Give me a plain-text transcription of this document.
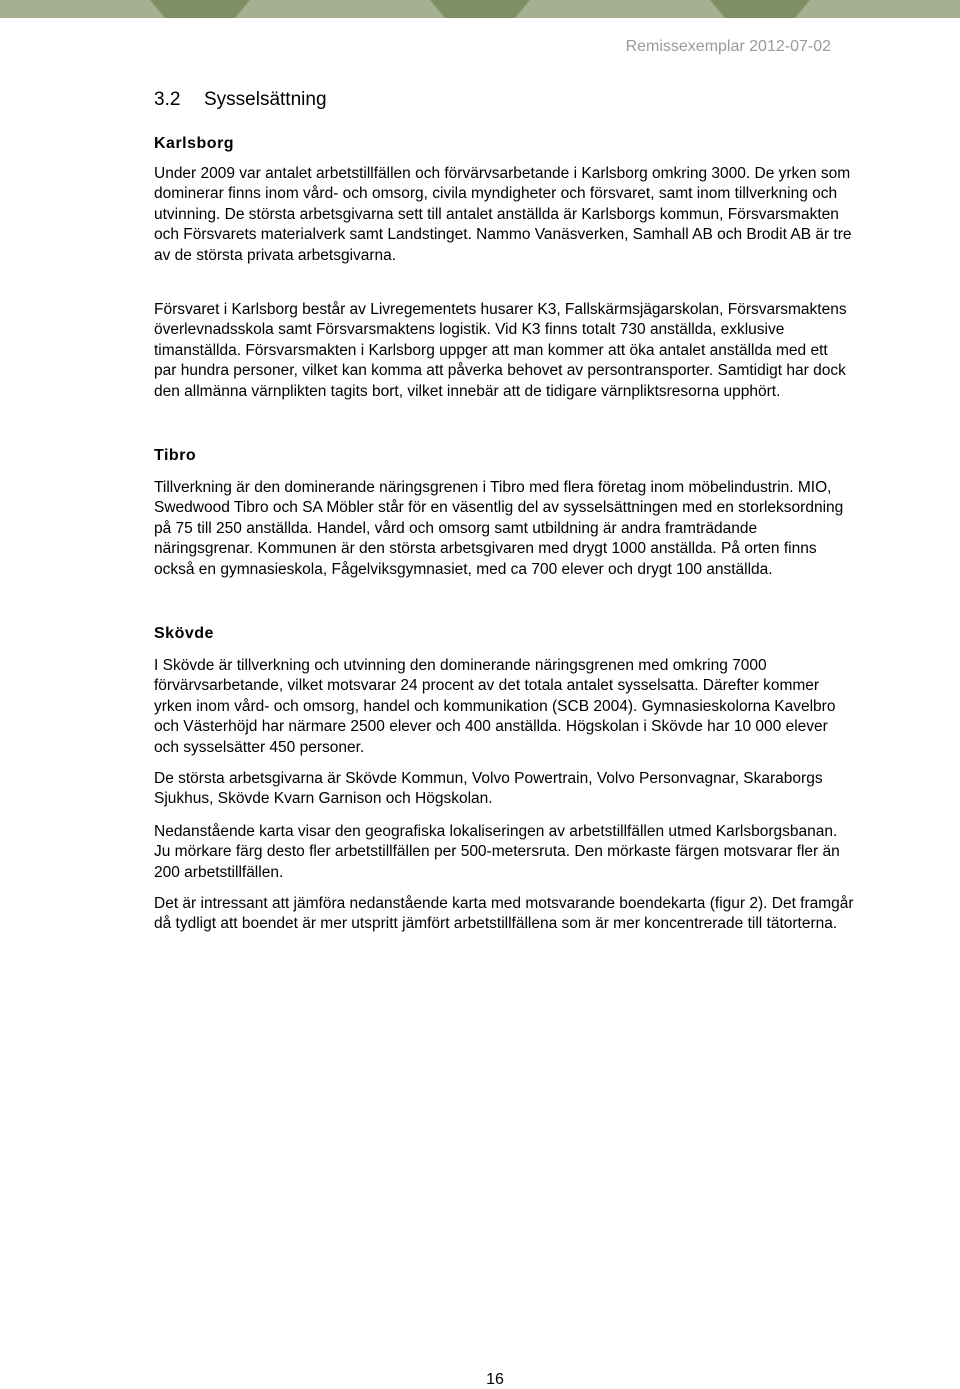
Remissexemplar 2012-07-02
3.2 Sysselsättning
Karlsborg

Under 2009 var antalet arbetstillfällen och förvärvsarbetande i Karlsborg omkring 3000. De yrken som dominerar finns inom vård- och omsorg, civila myndigheter och försvaret, samt inom tillverkning och utvinning. De största arbetsgivarna sett till antalet anställda är Karlsborgs kommun, Försvarsmakten och Försvarets materialverk samt Landstinget. Nammo Vanäsverken, Samhall AB och Brodit AB är tre av de största privata arbetsgivarna.

Försvaret i Karlsborg består av Livregementets husarer K3, Fallskärmsjägarskolan, Försvarsmaktens överlevnadsskola samt Försvarsmaktens logistik. Vid K3 finns totalt 730 anställda, exklusive timanställda. Försvarsmakten i Karlsborg uppger att man kommer att öka antalet anställda med ett par hundra personer, vilket kan komma att påverka behovet av persontransporter. Samtidigt har dock den allmänna värnplikten tagits bort, vilket innebär att de tidigare värnpliktsresorna upphört.

Tibro

Tillverkning är den dominerande näringsgrenen i Tibro med flera företag inom möbelindustrin. MIO, Swedwood Tibro och SA Möbler står för en väsentlig del av sysselsättningen med en storleksordning på 75 till 250 anställda. Handel, vård och omsorg samt utbildning är andra framträdande näringsgrenar. Kommunen är den största arbetsgivaren med drygt 1000 anställda. På orten finns också en gymnasieskola, Fågelviksgymnasiet, med ca 700 elever och drygt 100 anställda.

Skövde

I Skövde är tillverkning och utvinning den dominerande näringsgrenen med omkring 7000 förvärvsarbetande, vilket motsvarar 24 procent av det totala antalet sysselsatta. Därefter kommer yrken inom vård- och omsorg, handel och kommunikation (SCB 2004). Gymnasieskolorna Kavelbro och Västerhöjd har närmare 2500 elever och 400 anställda. Högskolan i Skövde har 10 000 elever och sysselsätter 450 personer.

De största arbetsgivarna är Skövde Kommun, Volvo Powertrain, Volvo Personvagnar, Skaraborgs Sjukhus, Skövde Kvarn Garnison och Högskolan.

Nedanstående karta visar den geografiska lokaliseringen av arbetstillfällen utmed Karlsborgsbanan. Ju mörkare färg desto fler arbetstillfällen per 500-metersruta. Den mörkaste färgen motsvarar fler än 200 arbetstillfällen.

Det är intressant att jämföra nedanstående karta med motsvarande boendekarta (figur 2). Det framgår då tydligt att boendet är mer utspritt jämfört arbetstillfällena som är mer koncentrerade till tätorterna.

16
